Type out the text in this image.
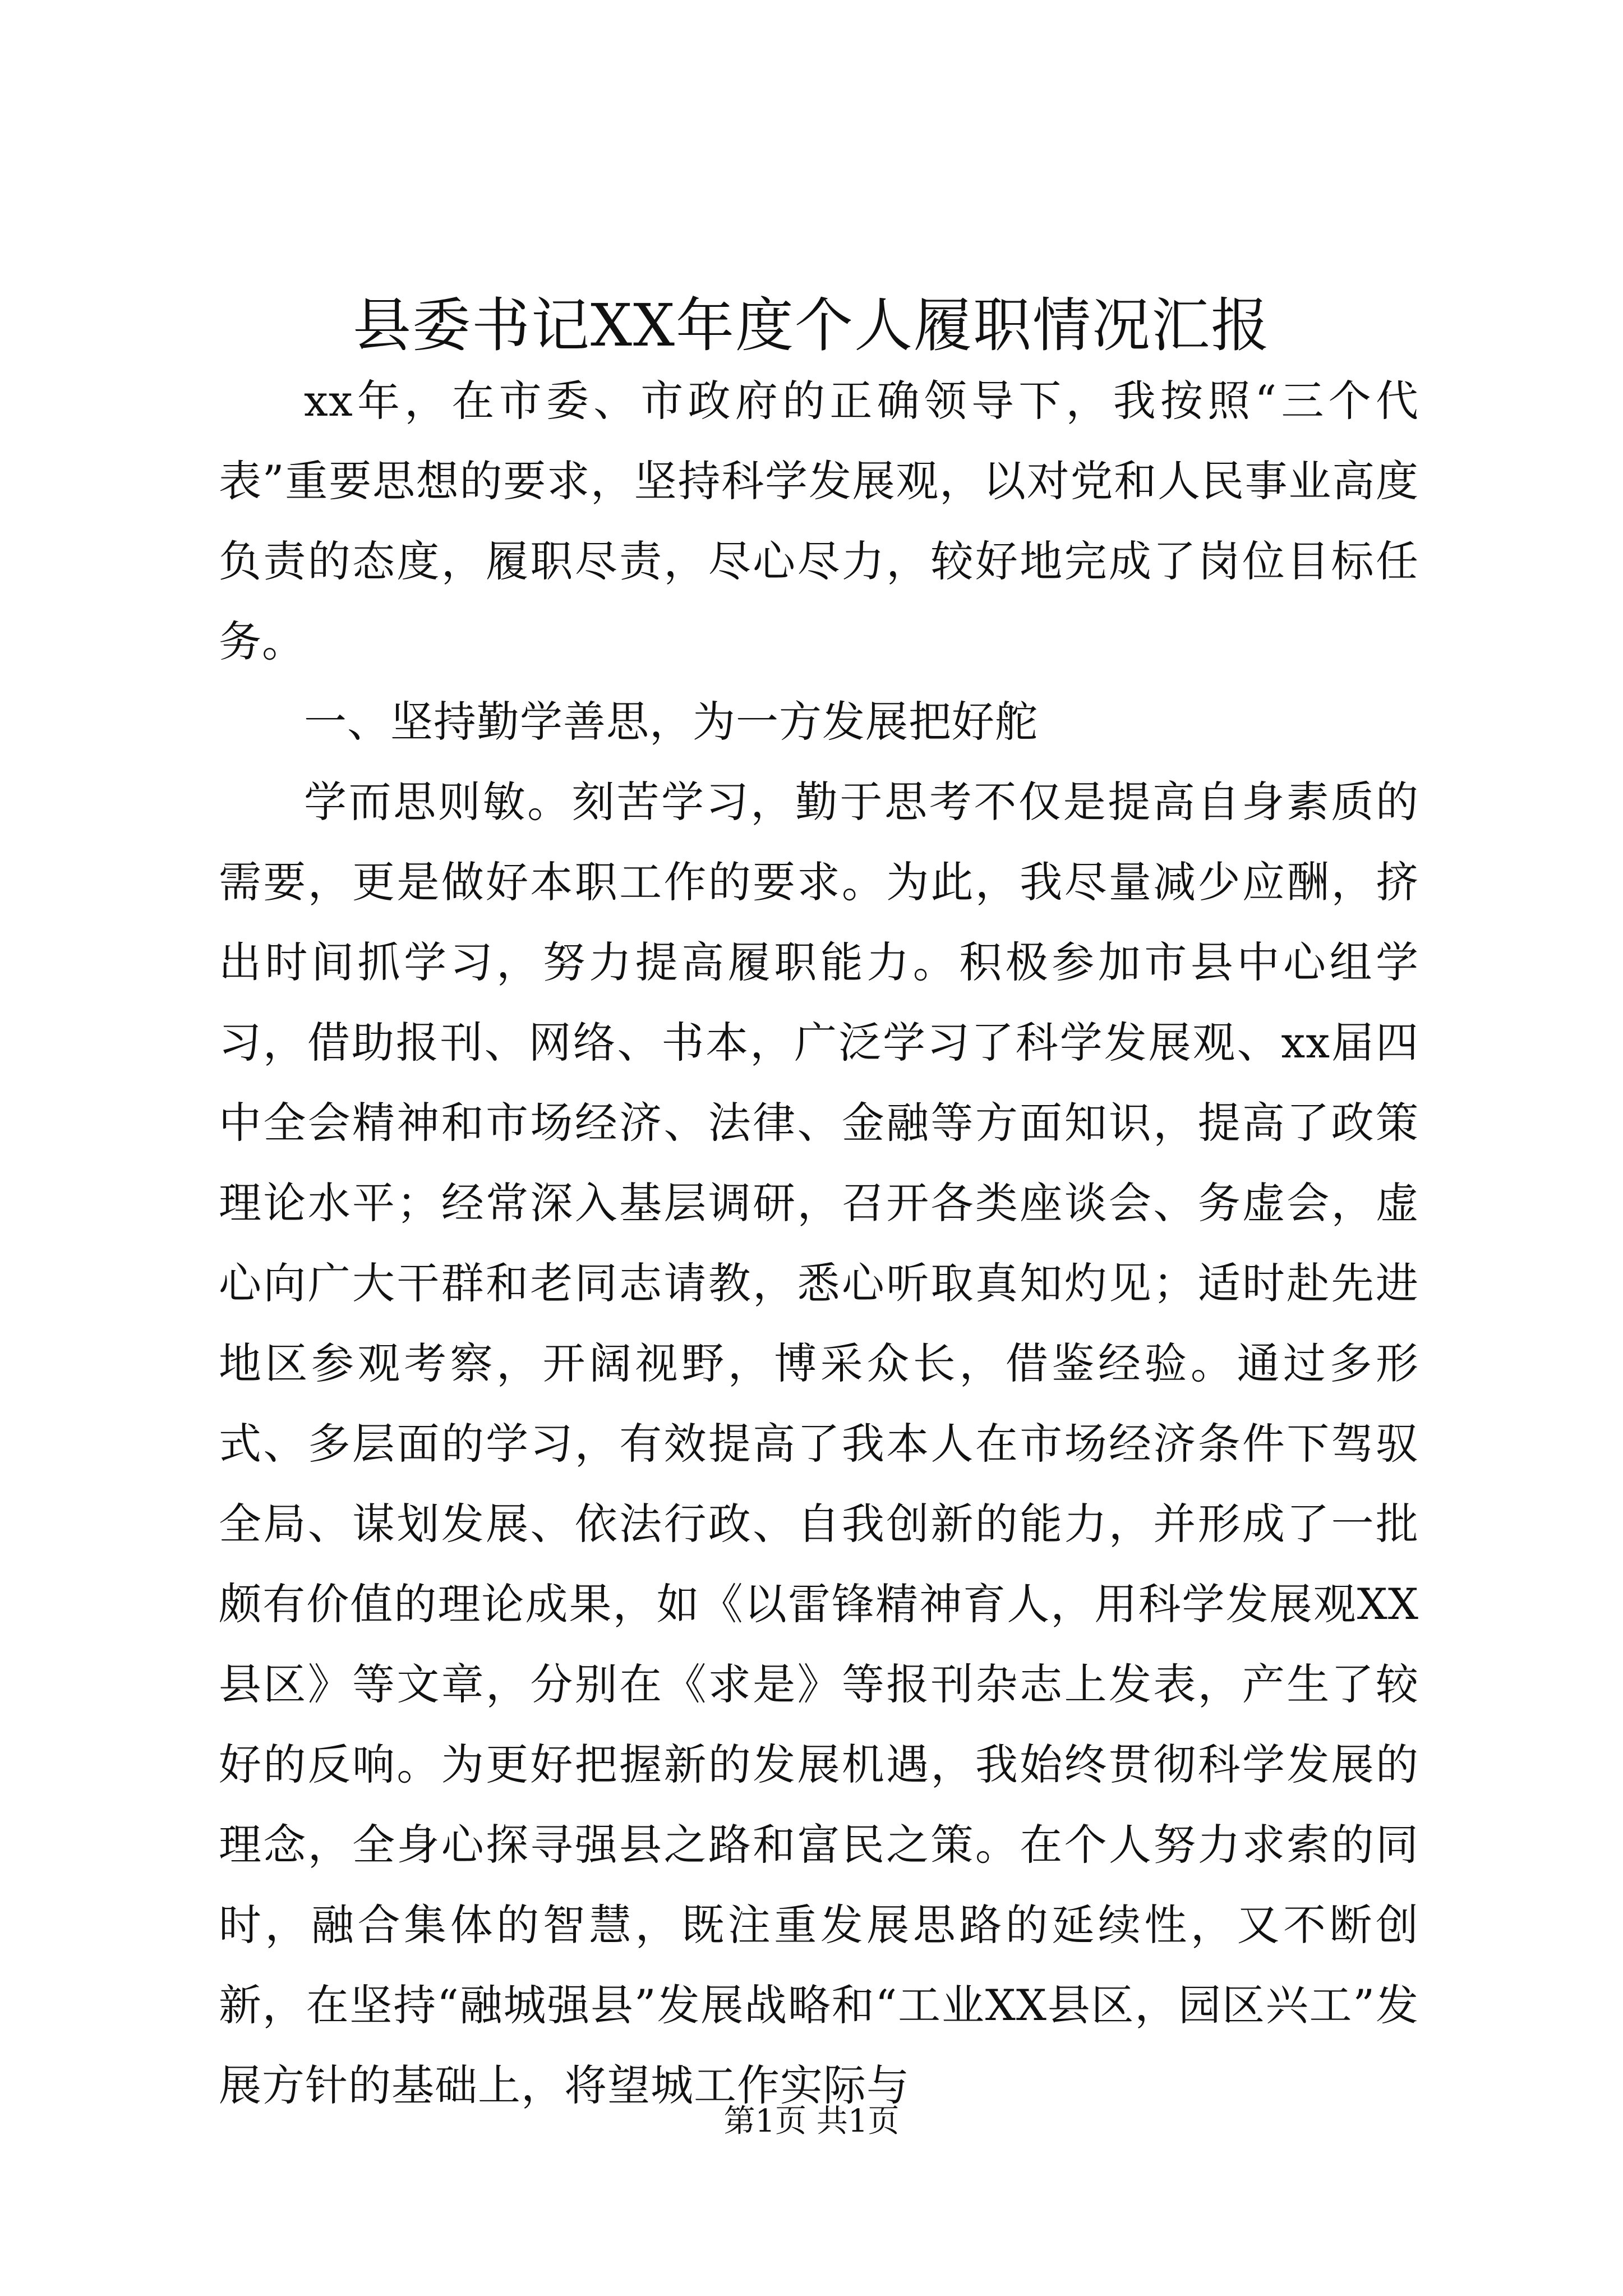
县委书记XX年度个人履职情况汇报

xx年，在市委、市政府的正确领导下，我按照“三个代表”重要思想的要求，坚持科学发展观，以对党和人民事业高度负责的态度，履职尽责，尽心尽力，较好地完成了岗位目标任务。

一、坚持勤学善思，为一方发展把好舵

学而思则敏。刻苦学习，勤于思考不仅是提高自身素质的需要，更是做好本职工作的要求。为此，我尽量减少应酬，挤出时间抓学习，努力提高履职能力。积极参加市县中心组学习，借助报刊、网络、书本，广泛学习了科学发展观、xx届四中全会精神和市场经济、法律、金融等方面知识，提高了政策理论水平；经常深入基层调研，召开各类座谈会、务虚会，虚心向广大干群和老同志请教，悉心听取真知灼见；适时赴先进地区参观考察，开阔视野，博采众长，借鉴经验。通过多形式、多层面的学习，有效提高了我本人在市场经济条件下驾驭全局、谋划发展、依法行政、自我创新的能力，并形成了一批颇有价值的理论成果，如《以雷锋精神育人，用科学发展观XX县区》等文章，分别在《求是》等报刊杂志上发表，产生了较好的反响。为更好把握新的发展机遇，我始终贯彻科学发展的理念，全身心探寻强县之路和富民之策。在个人努力求索的同时，融合集体的智慧，既注重发展思路的延续性，又不断创新，在坚持“融城强县”发展战略和“工业XX县区，园区兴工”发展方针的基础上，将望城工作实际与

第1页 共1页
